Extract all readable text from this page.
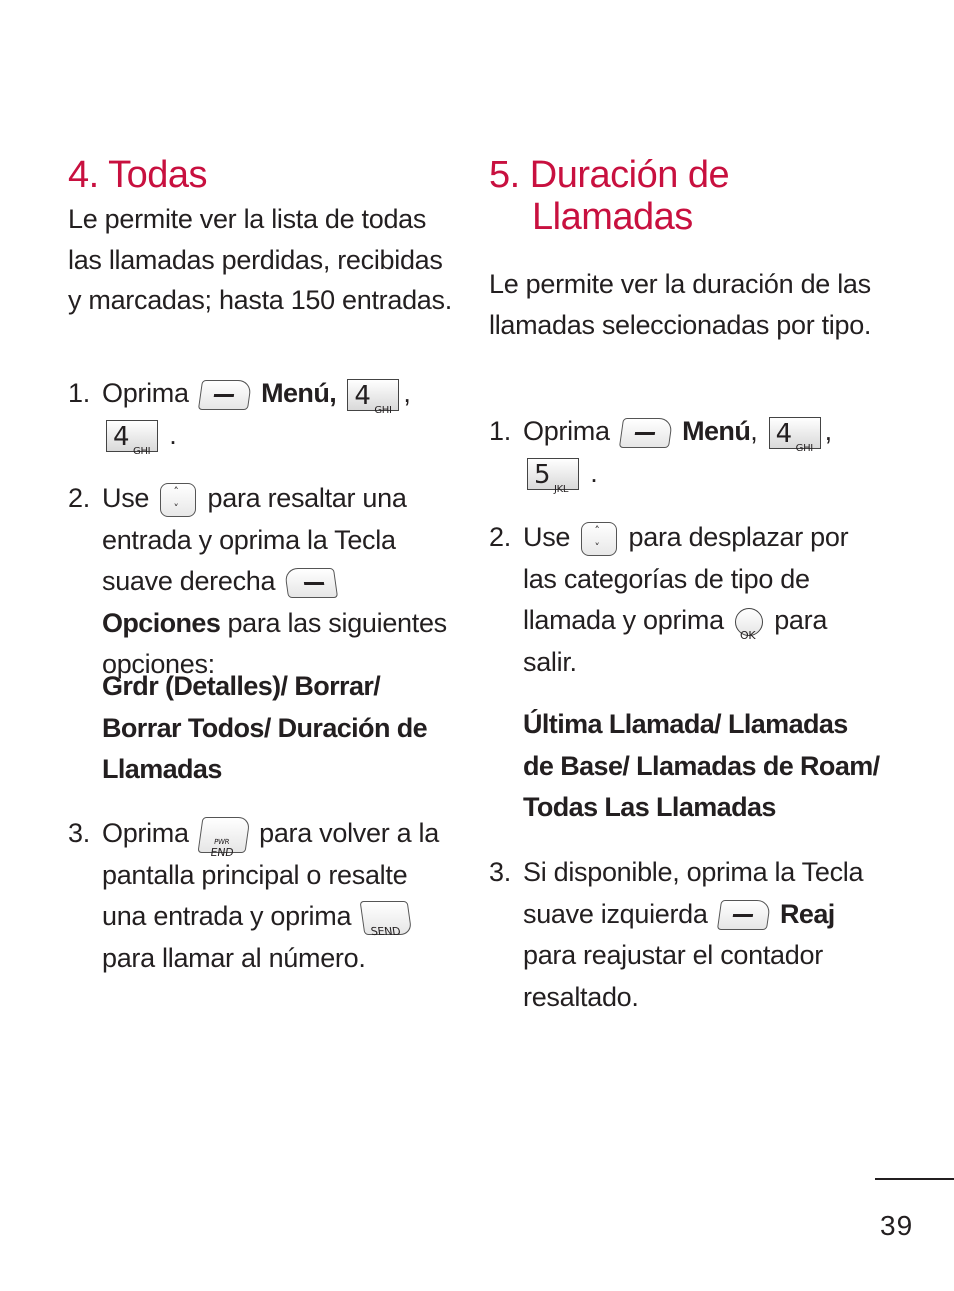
4. Todas

Le permite ver la lista de todas las llamadas perdidas, recibidas y marcadas; hasta 150 entradas.

1. Oprima	Menú, 4 GHI
,

4 GHI
.
2. Use ˄
˅ para resaltar una entrada y oprima la Tecla suave derecha
Opciones para las siguientes opciones:

Grdr (Detalles)/ Borrar/ Borrar Todos/ Duración de Llamadas

3. Oprima	PWR
END
para volver a la pantalla principal o resalte una entrada y oprima
SEND
para llamar al número.
5. Duración de
Llamadas

Le permite ver la duración de las llamadas seleccionadas por tipo.

1. Oprima	Menú, 4 GHI
,

5 JKL
.
2. Use ˄
˅ para desplazar por las categorías de tipo de llamada y oprima
OK
para salir.

Última Llamada/ Llamadas de Base/ Llamadas de Roam/ Todas Las Llamadas

3. Si disponible, oprima la Tecla suave izquierda	Reaj para reajustar el contador resaltado.
39
